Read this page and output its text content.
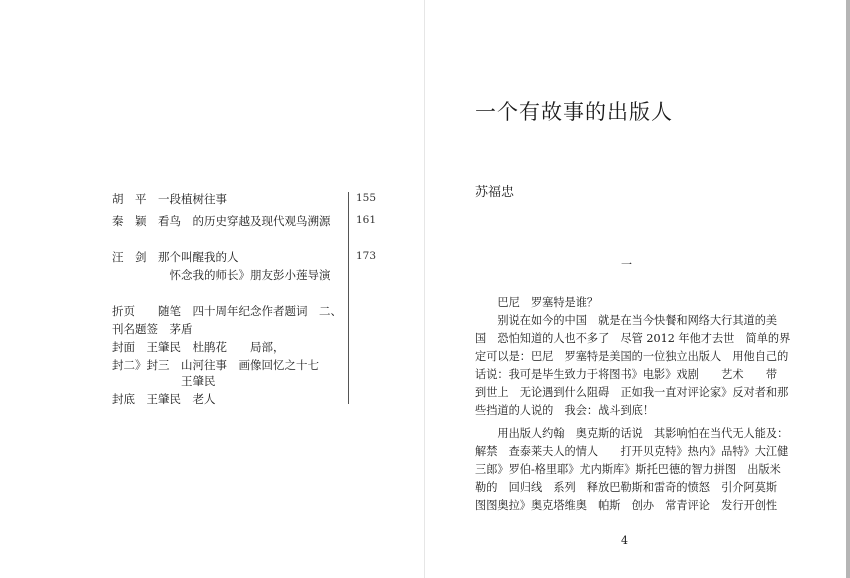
胡　平　一段植树往事	155
秦　颖　看鸟　的历史穿越及现代观鸟溯源 161
汪　剑　那个叫醒我的人	173
　　　　　怀念我的师长》朋友彭小莲导演
折页　　随笔　四十周年纪念作者题词　二、
刊名题签　茅盾
封面　王肇民　杜鹃花　　局部，
封二》封三　山河往事　画像回忆之十七
　　　　　　王肇民
封底　王肇民　老人
一个有故事的出版人
苏福忠
一
　　巴尼　罗塞特是谁？
　　别说在如今的中国　就是在当今快餐和网络大行其道的美
国　恐怕知道的人也不多了　尽管 2012 年他才去世　简单的界
定可以是：巴尼　罗塞特是美国的一位独立出版人　用他自己的
话说：我可是毕生致力于将图书》电影》戏剧　　艺术　　带
到世上　无论遇到什么阻碍　正如我一直对评论家》反对者和那
些挡道的人说的　我会：战斗到底！
　　用出版人约翰　奥克斯的话说　其影响怕在当代无人能及：
解禁　查泰莱夫人的情人　　打开贝克特》热内》品特》大江健
三郎》罗伯-格里耶》尤内斯库》斯托巴德的智力拼图　出版米
勒的　回归线　系列　释放巴勒斯和雷奇的愤怒　引介阿莫斯
图图奥拉》奥克塔维奥　帕斯　创办　常青评论　发行开创性
4
